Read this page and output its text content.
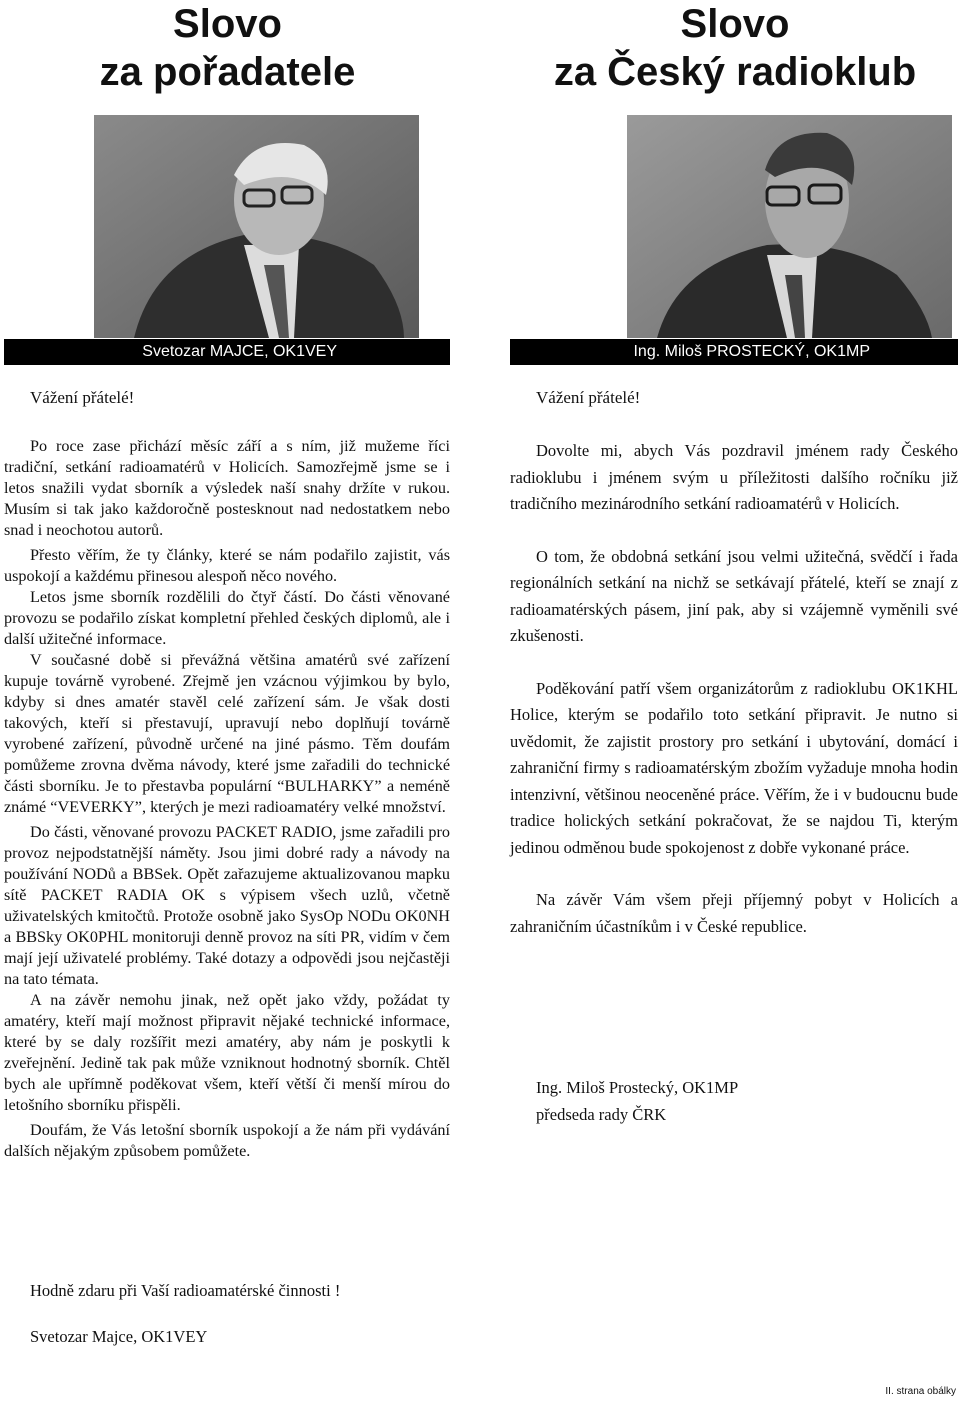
Slovo
za pořadatele
Svetozar MAJCE, OK1VEY

Vážení přátelé!

Po roce zase přichází měsíc září a s ním, již mužeme říci tradiční, setkání radioamatérů v Holicích. Samozřejmě jsme se i letos snažili vydat sborník a výsledek naší snahy držíte v rukou. Musím si tak jako každoročně postesknout nad nedostatkem nebo snad i neochotou autorů.

Přesto věřím, že ty články, které se nám podařilo zajistit, vás uspokojí a každému přinesou alespoň něco nového.

Letos jsme sborník rozdělili do čtyř částí. Do části věnované provozu se podařilo získat kompletní přehled českých diplomů, ale i další užitečné informace.

V současné době si převážná většina amatérů své zařízení kupuje továrně vyrobené. Zřejmě jen vzácnou výjimkou by bylo, kdyby si dnes amatér stavěl celé zařízení sám. Je však dosti takových, kteří si přestavují, upravují nebo doplňují továrně vyrobené zařízení, původně určené na jiné pásmo. Těm doufám pomůžeme zrovna dvěma návody, které jsme zařadili do technické části sborníku. Je to přestavba populární “BULHARKY” a neméně známé “VEVERKY”, kterých je mezi radioamatéry velké množství.

Do části, věnované provozu PACKET RADIO, jsme zařadili pro provoz nejpodstatnější náměty. Jsou jimi dobré rady a návody na používání NODů a BBSek. Opět zařazujeme aktualizovanou mapku sítě PACKET RADIA OK s výpisem všech uzlů, včetně uživatelských kmitočtů. Protože osobně jako SysOp NODu OK0NH a BBSky OK0PHL monitoruji denně provoz na síti PR, vidím v čem mají její uživatelé problémy. Také dotazy a odpovědi jsou nejčastěji na tato témata.

A na závěr nemohu jinak, než opět jako vždy, požádat ty amatéry, kteří mají možnost připravit nějaké technické informace, které by se daly rozšířit mezi amatéry, aby nám je poskytli k zveřejnění. Jedině tak pak může vzniknout hodnotný sborník. Chtěl bych ale upřímně poděkovat všem, kteří větší či menší mírou do letošního sborníku přispěli.

Doufám, že Vás letošní sborník uspokojí a že nám při vydávání dalších nějakým způsobem pomůžete.

Slovo
za Český radioklub
Ing. Miloš PROSTECKÝ, OK1MP

Vážení přátelé!

Dovolte mi, abych Vás pozdravil jménem rady Českého radioklubu i jménem svým u příležitosti dalšího ročníku již tradičního mezinárodního setkání radioamatérů v Holicích.

O tom, že obdobná setkání jsou velmi užitečná, svědčí i řada regionálních setkání na nichž se setkávají přátelé, kteří se znají z radioamatérských pásem, jiní pak, aby si vzájemně vyměnili své zkušenosti.

Poděkování patří všem organizátorům z radioklubu OK1KHL Holice, kterým se podařilo toto setkání připravit. Je nutno si uvědomit, že zajistit prostory pro setkání i ubytování, domácí i zahraniční firmy s radioamatérským zbožím vyžaduje mnoha hodin intenzivní, většinou neoceněné práce. Věřím, že i v budoucnu bude tradice holických setkání pokračovat, že se najdou Ti, kterým jedinou odměnou bude spokojenost z dobře vykonané práce.

Na závěr Vám všem přeji příjemný pobyt v Holicích a zahraničním účastníkům i v České republice.

Ing. Miloš Prostecký, OK1MP
předseda rady ČRK

Hodně zdaru při Vaší radioamatérské činnosti !

Svetozar Majce, OK1VEY

II. strana obálky
